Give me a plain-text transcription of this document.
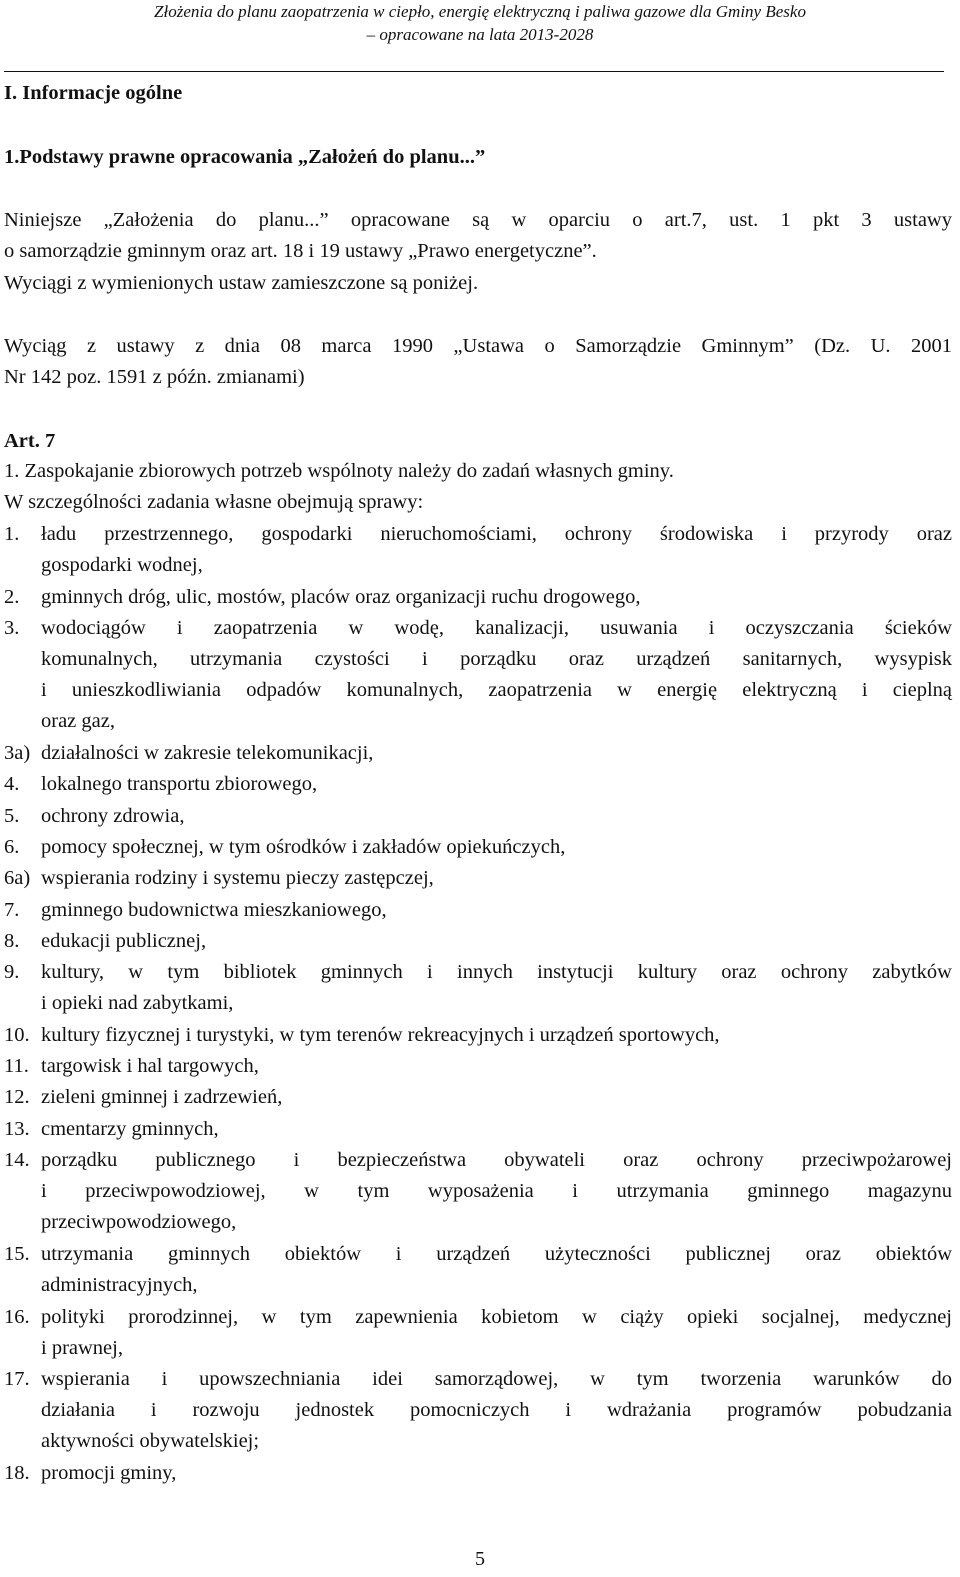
Złożenia do planu zaopatrzenia w ciepło, energię elektryczną i paliwa gazowe dla Gminy Besko
– opracowane na lata 2013-2028
I. Informacje ogólne
1.Podstawy prawne opracowania „Założeń do planu...”
Niniejsze „Założenia do planu...” opracowane są w oparciu o art.7, ust. 1 pkt 3 ustawy
o samorządzie gminnym oraz art. 18 i 19 ustawy „Prawo energetyczne”.
Wyciągi z wymienionych ustaw zamieszczone są poniżej.
Wyciąg z ustawy z dnia 08 marca 1990 „Ustawa o Samorządzie Gminnym” (Dz. U. 2001
Nr 142 poz. 1591 z późn. zmianami)
Art. 7
1. Zaspokajanie zbiorowych potrzeb wspólnoty należy do zadań własnych gminy.
W szczególności zadania własne obejmują sprawy:
1. ładu przestrzennego, gospodarki nieruchomościami, ochrony środowiska i przyrody oraz
gospodarki wodnej,
2. gminnych dróg, ulic, mostów, placów oraz organizacji ruchu drogowego,
3. wodociągów i zaopatrzenia w wodę, kanalizacji, usuwania i oczyszczania ścieków
komunalnych, utrzymania czystości i porządku oraz urządzeń sanitarnych, wysypisk
i unieszkodliwiania odpadów komunalnych, zaopatrzenia w energię elektryczną i cieplną
oraz gaz,
3a) działalności w zakresie telekomunikacji,
4. lokalnego transportu zbiorowego,
5. ochrony zdrowia,
6. pomocy społecznej, w tym ośrodków i zakładów opiekuńczych,
6a) wspierania rodziny i systemu pieczy zastępczej,
7. gminnego budownictwa mieszkaniowego,
8. edukacji publicznej,
9. kultury, w tym bibliotek gminnych i innych instytucji kultury oraz ochrony zabytków
i opieki nad zabytkami,
10. kultury fizycznej i turystyki, w tym terenów rekreacyjnych i urządzeń sportowych,
11. targowisk i hal targowych,
12. zieleni gminnej i zadrzewień,
13. cmentarzy gminnych,
14. porządku publicznego i bezpieczeństwa obywateli oraz ochrony przeciwpożarowej
i przeciwpowodziowej, w tym wyposażenia i utrzymania gminnego magazynu
przeciwpowodziowego,
15. utrzymania gminnych obiektów i urządzeń użyteczności publicznej oraz obiektów
administracyjnych,
16. polityki prorodzinnej, w tym zapewnienia kobietom w ciąży opieki socjalnej, medycznej
i prawnej,
17. wspierania i upowszechniania idei samorządowej, w tym tworzenia warunków do
działania i rozwoju jednostek pomocniczych i wdrażania programów pobudzania
aktywności obywatelskiej;
18. promocji gminy,
5
